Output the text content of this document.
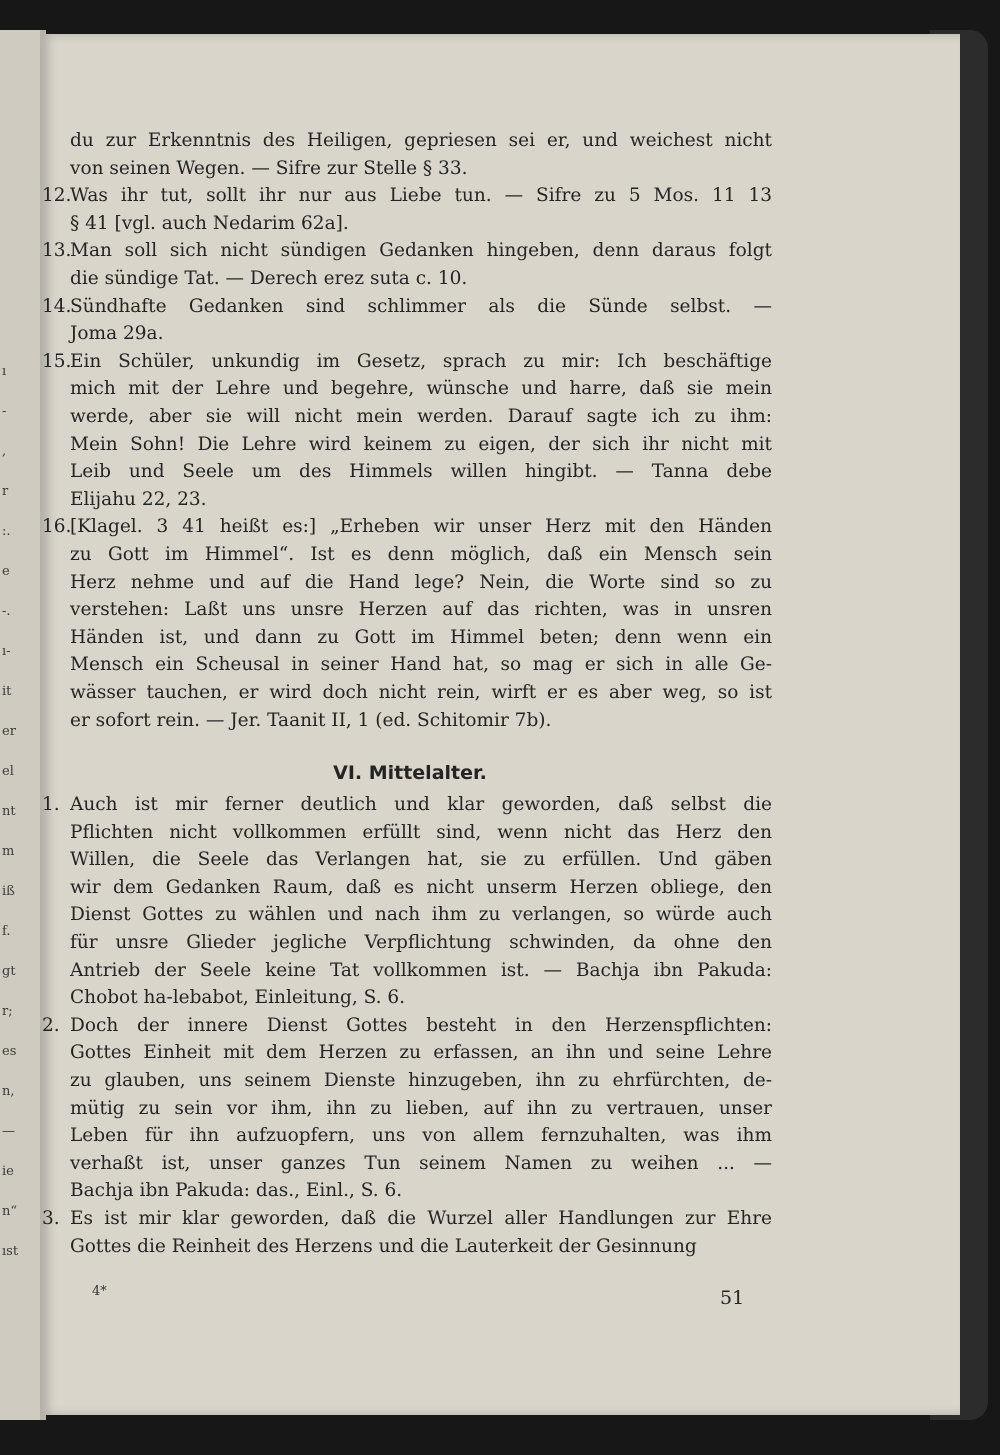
ı
-
,
r
:.
e
-.
ı-
it
er
el
nt
m
iß
f.
gt
r;
es
n,
—
ie
n“
ıst
VI. Mittelalter.
4*	51
du zur Erkenntnis des Heiligen, gepriesen sei er, und weichest nicht
von seinen Wegen. — Sifre zur Stelle § 33.
12.
Was ihr tut, sollt ihr nur aus Liebe tun. — Sifre zu 5 Mos. 11 13
§ 41 [vgl. auch Nedarim 62a].
13.
Man soll sich nicht sündigen Gedanken hingeben, denn daraus folgt
die sündige Tat. — Derech erez suta c. 10.
14.
Sündhafte Gedanken sind schlimmer als die Sünde selbst. —
Joma 29a.
15.
Ein Schüler, unkundig im Gesetz, sprach zu mir: Ich beschäftige
mich mit der Lehre und begehre, wünsche und harre, daß sie mein
werde, aber sie will nicht mein werden. Darauf sagte ich zu ihm:
Mein Sohn! Die Lehre wird keinem zu eigen, der sich ihr nicht mit
Leib und Seele um des Himmels willen hingibt. — Tanna debe
Elijahu 22, 23.
16.
[Klagel. 3 41 heißt es:] „Erheben wir unser Herz mit den Händen
zu Gott im Himmel“. Ist es denn möglich, daß ein Mensch sein
Herz nehme und auf die Hand lege? Nein, die Worte sind so zu
verstehen: Laßt uns unsre Herzen auf das richten, was in unsren
Händen ist, und dann zu Gott im Himmel beten; denn wenn ein
Mensch ein Scheusal in seiner Hand hat, so mag er sich in alle Ge-
wässer tauchen, er wird doch nicht rein, wirft er es aber weg, so ist
er sofort rein. — Jer. Taanit II, 1 (ed. Schitomir 7b).
1. Auch ist mir ferner deutlich und klar geworden, daß selbst die
Pflichten nicht vollkommen erfüllt sind, wenn nicht das Herz den
Willen, die Seele das Verlangen hat, sie zu erfüllen. Und gäben
wir dem Gedanken Raum, daß es nicht unserm Herzen obliege, den
Dienst Gottes zu wählen und nach ihm zu verlangen, so würde auch
für unsre Glieder jegliche Verpflichtung schwinden, da ohne den
Antrieb der Seele keine Tat vollkommen ist. — Bachja ibn Pakuda:
Chobot ha-lebabot, Einleitung, S. 6.
2. Doch der innere Dienst Gottes besteht in den Herzenspflichten:
Gottes Einheit mit dem Herzen zu erfassen, an ihn und seine Lehre
zu glauben, uns seinem Dienste hinzugeben, ihn zu ehrfürchten, de-
mütig zu sein vor ihm, ihn zu lieben, auf ihn zu vertrauen, unser
Leben für ihn aufzuopfern, uns von allem fernzuhalten, was ihm
verhaßt ist, unser ganzes Tun seinem Namen zu weihen ... —
Bachja ibn Pakuda: das., Einl., S. 6.
3. Es ist mir klar geworden, daß die Wurzel aller Handlungen zur Ehre
Gottes die Reinheit des Herzens und die Lauterkeit der Gesinnung
